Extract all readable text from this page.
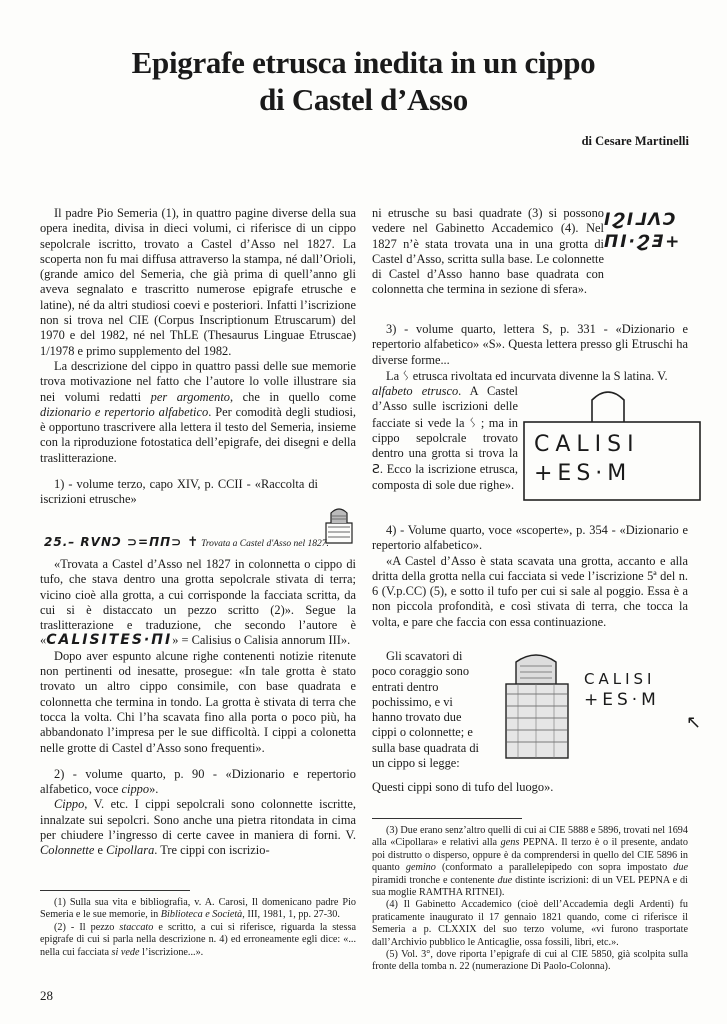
Epigrafe etrusca inedita in un cippo
di Castel d’Asso
di Cesare Martinelli

Il padre Pio Semeria (1), in quattro pagine diverse della sua opera inedita, divisa in dieci volumi, ci riferisce di un cippo sepolcrale iscritto, trovato a Castel d’Asso nel 1827. La scoperta non fu mai diffusa attraverso la stampa, né dall’Orioli, (grande amico del Semeria, che già prima di quell’anno gli aveva segnalato e trascritto numerose epigrafe etrusche e latine), né da altri studiosi coevi e posteriori. Infatti l’iscrizione non si trova nel CIE (Corpus Inscriptionum Etruscarum) del 1970 e del 1982, né nel ThLE (Thesaurus Linguae Etruscae) 1/1978 e primo supplemento del 1982.

La descrizione del cippo in quattro passi delle sue memorie trova motivazione nel fatto che l’autore lo volle illustrare sia nei volumi redatti per argomento, che in quello come dizionario e repertorio alfabetico. Per comodità degli studiosi, è opportuno trascrivere alla lettera il testo del Semeria, insieme con la riproduzione fotostatica dell’epigrafe, dei disegni e della traslitterazione.

1) - volume terzo, capo XIV, p. CCII - «Raccolta di iscrizioni etrusche»

25.– RVNϽ ⊃=ΠΠ⊃ ✝ Trovata a Castel d'Asso nel 1827.

«Trovata a Castel d’Asso nel 1827 in colonnetta o cippo di tufo, che stava dentro una grotta sepolcrale stivata di terra; vicino cioè alla grotta, a cui corrisponde la facciata scritta, da cui si è distaccato un pezzo scritto (2)». Segue la traslitterazione e traduzione, che secondo l’autore è «CALISITES·ΠΙ» = Calisius o Calisia annorum III».

Dopo aver espunto alcune righe contenenti notizie ritenute non pertinenti od inesatte, prosegue: «In tale grotta è stato trovato un altro cippo consimile, con base quadrata e colonnetta che termina in tondo. La grotta è stivata di terra che tocca la volta. Chi l’ha scavata fino alla porta o poco più, ha abbandonato l’impresa per le sue difficoltà. I cippi a colonetta nelle grotte di Castel d’Asso sono frequenti».

2) - volume quarto, p. 90 - «Dizionario e repertorio alfabetico, voce cippo».

Cippo, V. etc. I cippi sepolcrali sono colonnette iscritte, innalzate sui sepolcri. Sono anche una pietra ritondata in cima per chiudere l’ingresso di certe cavee in maniera di forni. V. Colonnette e Cipollara. Tre cippi con iscrizio-

(1) Sulla sua vita e bibliografia, v. A. Carosi, Il domenicano padre Pio Semeria e le sue memorie, in Biblioteca e Società, III, 1981, 1, pp. 27-30.

(2) - Il pezzo staccato e scritto, a cui si riferisce, riguarda la stessa epigrafe di cui si parla nella descrizione n. 4) ed erroneamente egli dice: «... nella cui facciata si vede l’iscrizione...».

ni etrusche su basi quadrate (3) si possono vedere nel Gabinetto Accademico (4). Nel 1827 n’è stata trovata una in una grotta di Castel d’Asso, scritta sulla base. Le colonnette di Castel d’Asso hanno base quadrata con colonnetta che termina in sezione di sfera».

ΙϨΙ⅃ΛϽ
ΠΙ·ϨƎ+

3) - volume quarto, lettera S, p. 331 - «Dizionario e repertorio alfabetico» «S». Questa lettera presso gli Etruschi ha diverse forme...

La ᛊ etrusca rivoltata ed incurvata divenne la S latina. V.

alfabeto etrusco. A Castel d’Asso sulle iscrizioni delle facciate si vede la ᛊ ; ma in cippo sepolcrale trovato dentro una grotta si trova la Ƨ. Ecco la iscrizione etrusca, composta di sole due righe».

CALISI
+ES·M

4) - Volume quarto, voce «scoperte», p. 354 - «Dizionario e repertorio alfabetico».

«A Castel d’Asso è stata scavata una grotta, accanto e alla dritta della grotta nella cui facciata si vede l’iscrizione 5ª del n. 6 (V.p.CC) (5), e sotto il tufo per cui si sale al poggio. Essa è a non piccola profondità, e così stivata di terra, che tocca la volta, e pare che faccia con essa continuazione.

Gli scavatori di poco coraggio sono entrati dentro pochissimo, e vi hanno trovato due cippi o colonnette; e sulla base quadrata di un cippo si legge:

CALISI
+ES·M
↖

Questi cippi sono di tufo del luogo».

(3) Due erano senz’altro quelli di cui ai CIE 5888 e 5896, trovati nel 1694 alla «Cipollara» e relativi alla gens PEPNA. Il terzo è o il presente, andato poi distrutto o disperso, oppure è da comprendersi in quello del CIE 5896 in quanto gemino (conformato a parallelepipedo con sopra impostato due piramidi tronche e contenente due distinte iscrizioni: di un VEL PEPNA e di sua moglie RAMTHA RITNEI).

(4) Il Gabinetto Accademico (cioè dell’Accademia degli Ardenti) fu praticamente inaugurato il 17 gennaio 1821 quando, come ci riferisce il Semeria a p. CLXXIX del suo terzo volume, «vi furono trasportate dall’Archivio pubblico le Anticaglie, ossa fossili, libri, etc.».

(5) Vol. 3°, dove riporta l’epigrafe di cui al CIE 5850, già scolpita sulla fronte della tomba n. 22 (numerazione Di Paolo-Colonna).

28
